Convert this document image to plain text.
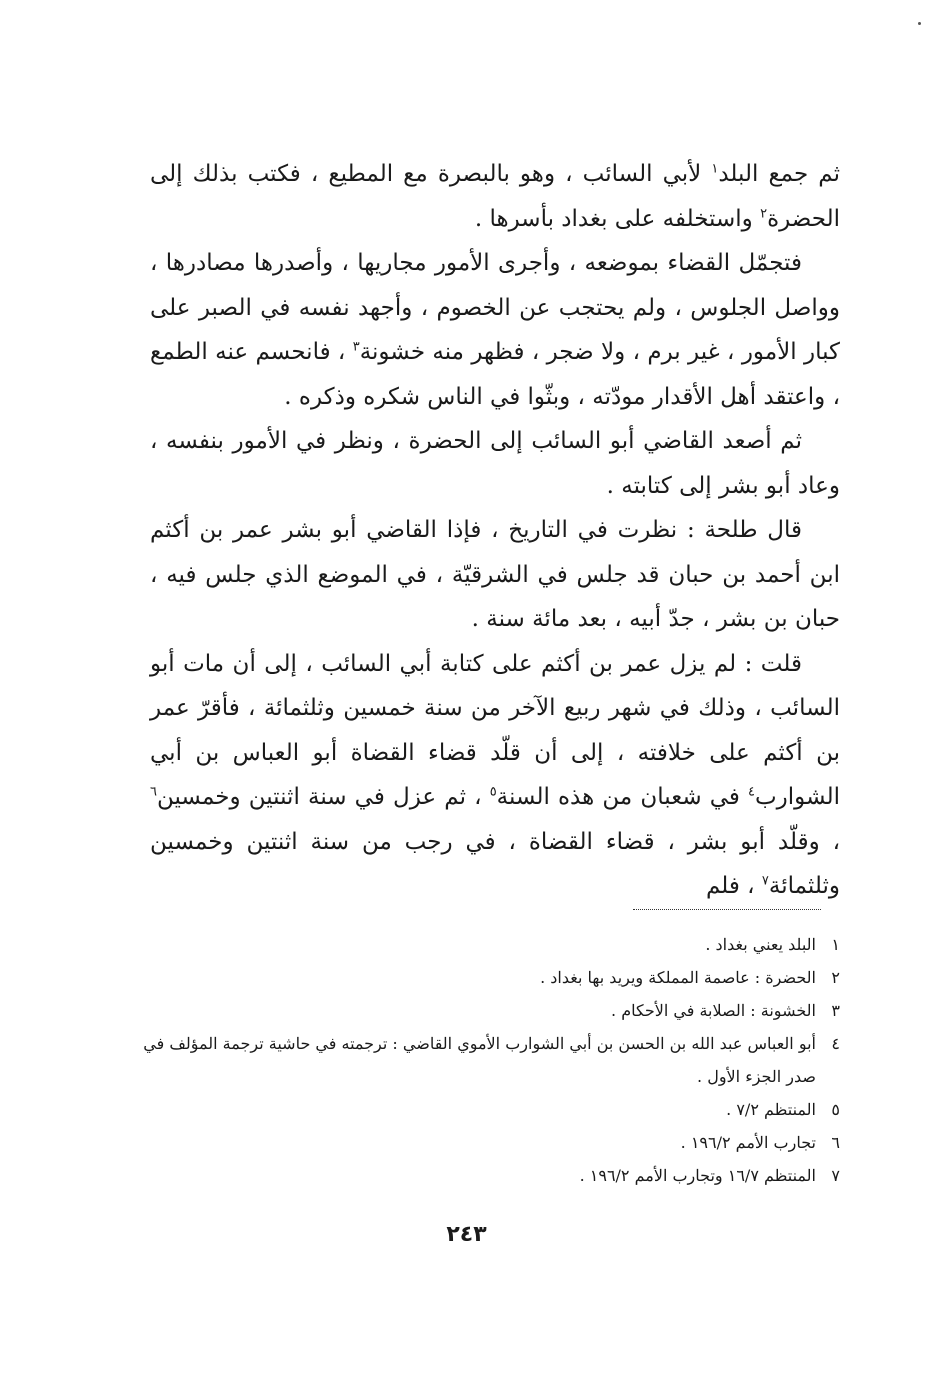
ثم جمع البلد$^١$ لأبي السائب ، وهو بالبصرة مع المطيع ، فكتب بذلك إلى الحضرة$^٢$ واستخلفه على بغداد بأسرها .

فتجمّل القضاء بموضعه ، وأجرى الأمور مجاريها ، وأصدرها مصادرها ، وواصل الجلوس ، ولم يحتجب عن الخصوم ، وأجهد نفسه في الصبر على كبار الأمور ، غير برم ، ولا ضجر ، فظهر منه خشونة$^٣$ ، فانحسم عنه الطمع ، واعتقد أهل الأقدار مودّته ، وبثّوا في الناس شكره وذكره .

ثم أصعد القاضي أبو السائب إلى الحضرة ، ونظر في الأمور بنفسه ، وعاد أبو بشر إلى كتابته .

قال طلحة : نظرت في التاريخ ، فإذا القاضي أبو بشر عمر بن أكثم ابن أحمد بن حبان قد جلس في الشرقيّة ، في الموضع الذي جلس فيه ، حبان بن بشر ، جدّ أبيه ، بعد مائة سنة .

قلت : لم يزل عمر بن أكثم على كتابة أبي السائب ، إلى أن مات أبو السائب ، وذلك في شهر ربيع الآخر من سنة خمسين وثلثمائة ، فأقرّ عمر بن أكثم على خلافته ، إلى أن قلّد قضاء القضاة أبو العباس بن أبي الشوارب$^٤$ في شعبان من هذه السنة$^٥$ ، ثم عزل في سنة اثنتين وخمسين$^٦$ ، وقلّد أبو بشر ، قضاء القضاة ، في رجب من سنة اثنتين وخمسين وثلثمائة$^٧$ ، فلم

١
البلد يعني بغداد .
٢
الحضرة : عاصمة المملكة ويريد بها بغداد .
٣
الخشونة : الصلابة في الأحكام .
٤
أبو العباس عبد الله بن الحسن بن أبي الشوارب الأموي القاضي : ترجمته في حاشية ترجمة المؤلف في صدر الجزء الأول .
٥
المنتظم ٧/٢ .
٦
تجارب الأمم ١٩٦/٢ .
٧
المنتظم ١٦/٧ وتجارب الأمم ١٩٦/٢ .
٢٤٣
